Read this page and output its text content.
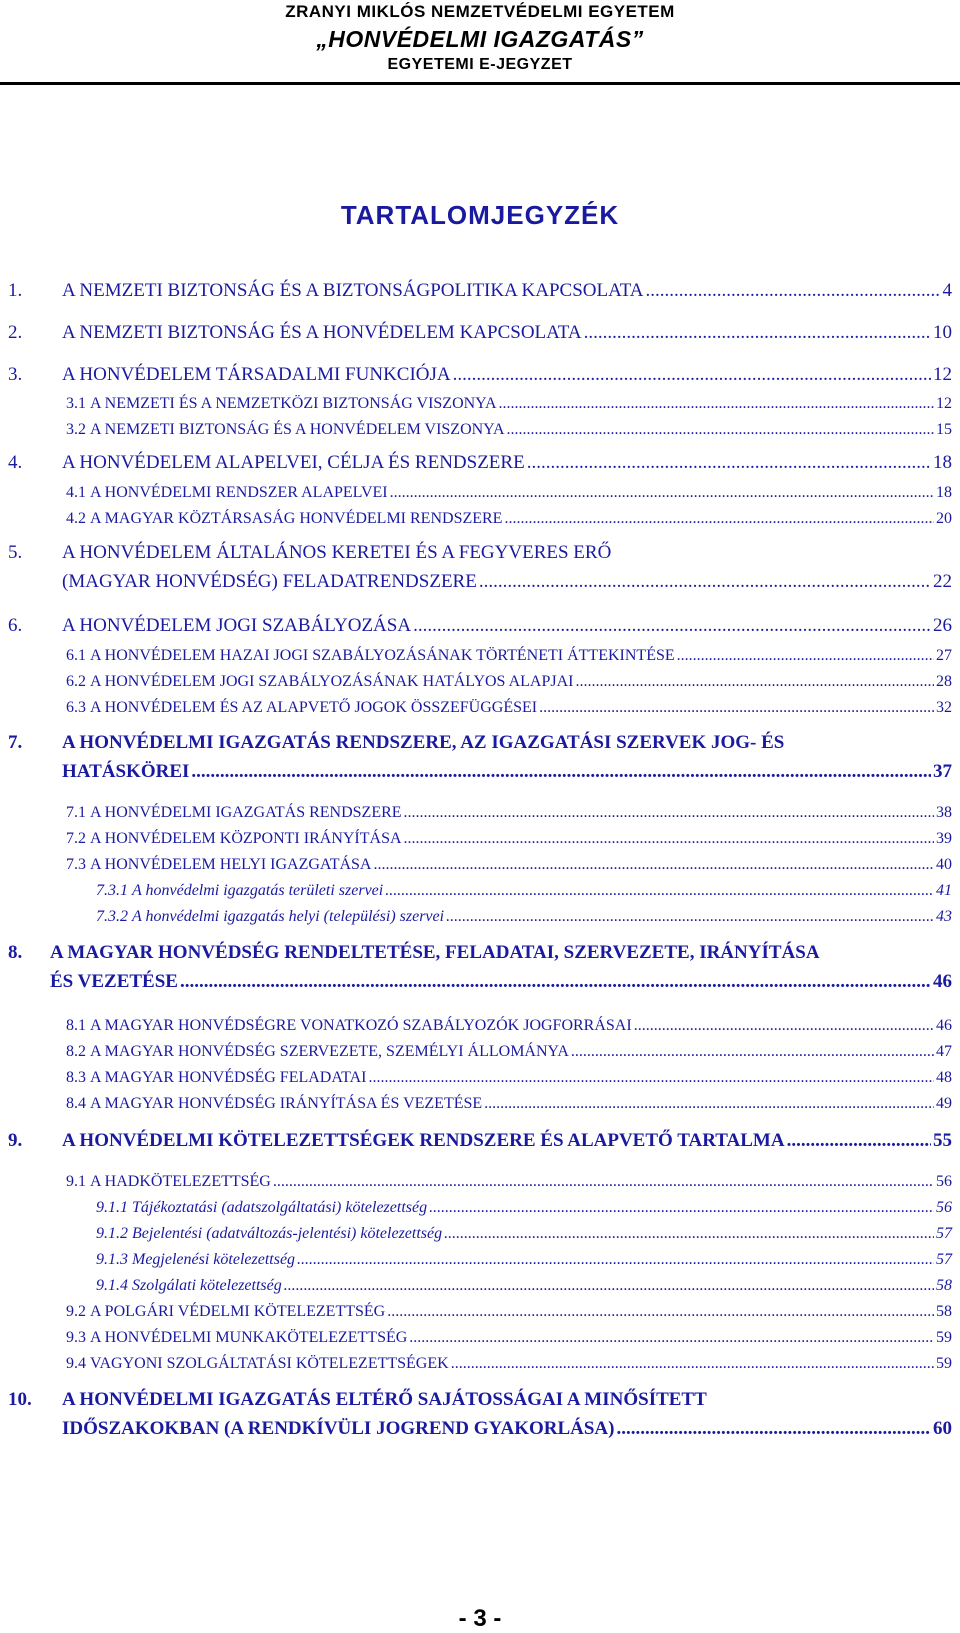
ZRANYI MIKLÓS NEMZETVÉDELMI EGYETEM
„HONVÉDELMI IGAZGATÁS”
EGYETEMI E-JEGYZET
TARTALOMJEGYZÉK
1. A NEMZETI BIZTONSÁG ÉS A BIZTONSÁGPOLITIKA KAPCSOLATA .....	4
2. A NEMZETI BIZTONSÁG ÉS A HONVÉDELEM KAPCSOLATA .....	10
3. A HONVÉDELEM TÁRSADALMI FUNKCIÓJA .....	12
3.1 A NEMZETI ÉS A NEMZETKÖZI BIZTONSÁG VISZONYA .....	12
3.2 A NEMZETI BIZTONSÁG ÉS A HONVÉDELEM VISZONYA .....	15
4. A HONVÉDELEM ALAPELVEI, CÉLJA ÉS RENDSZERE .....	18
4.1 A HONVÉDELMI RENDSZER ALAPELVEI .....	18
4.2 A MAGYAR KÖZTÁRSASÁG HONVÉDELMI RENDSZERE .....	20
5. A HONVÉDELEM ÁLTALÁNOS KERETEI ÉS A FEGYVERES ERŐ
(MAGYAR HONVÉDSÉG) FELADATRENDSZERE .....	22
6. A HONVÉDELEM JOGI SZABÁLYOZÁSA .....	26
6.1 A HONVÉDELEM HAZAI JOGI SZABÁLYOZÁSÁNAK TÖRTÉNETI ÁTTEKINTÉSE .....	27
6.2 A HONVÉDELEM JOGI SZABÁLYOZÁSÁNAK HATÁLYOS ALAPJAI .....	28
6.3 A HONVÉDELEM ÉS AZ ALAPVETŐ JOGOK ÖSSZEFÜGGÉSEI .....	32
7. A HONVÉDELMI IGAZGATÁS RENDSZERE, AZ IGAZGATÁSI SZERVEK JOG- ÉS
HATÁSKÖREI .....	37
7.1 A HONVÉDELMI IGAZGATÁS RENDSZERE .....	38
7.2 A HONVÉDELEM KÖZPONTI IRÁNYÍTÁSA .....	39
7.3 A HONVÉDELEM HELYI IGAZGATÁSA .....	40
7.3.1 A honvédelmi igazgatás területi szervei .....	41
7.3.2 A honvédelmi igazgatás helyi (települési) szervei .....	43
8. A MAGYAR HONVÉDSÉG RENDELTETÉSE, FELADATAI, SZERVEZETE, IRÁNYÍTÁSA
ÉS VEZETÉSE .....	46
8.1 A MAGYAR HONVÉDSÉGRE VONATKOZÓ SZABÁLYOZÓK JOGFORRÁSAI .....	46
8.2 A MAGYAR HONVÉDSÉG SZERVEZETE, SZEMÉLYI ÁLLOMÁNYA .....	47
8.3 A MAGYAR HONVÉDSÉG FELADATAI .....	48
8.4 A MAGYAR HONVÉDSÉG IRÁNYÍTÁSA ÉS VEZETÉSE .....	49
9. A HONVÉDELMI KÖTELEZETTSÉGEK RENDSZERE ÉS ALAPVETŐ TARTALMA .....	55
9.1 A HADKÖTELEZETTSÉG .....	56
9.1.1 Tájékoztatási (adatszolgáltatási) kötelezettség .....	56
9.1.2 Bejelentési (adatváltozás-jelentési) kötelezettség .....	57
9.1.3 Megjelenési kötelezettség .....	57
9.1.4 Szolgálati kötelezettség .....	58
9.2 A POLGÁRI VÉDELMI KÖTELEZETTSÉG .....	58
9.3 A HONVÉDELMI MUNKAKÖTELEZETTSÉG .....	59
9.4 VAGYONI SZOLGÁLTATÁSI KÖTELEZETTSÉGEK .....	59
10. A HONVÉDELMI IGAZGATÁS ELTÉRŐ SAJÁTOSSÁGAI A MINŐSÍTETT
IDŐSZAKOKBAN (A RENDKÍVÜLI JOGREND GYAKORLÁSA) .....	60
- 3 -
